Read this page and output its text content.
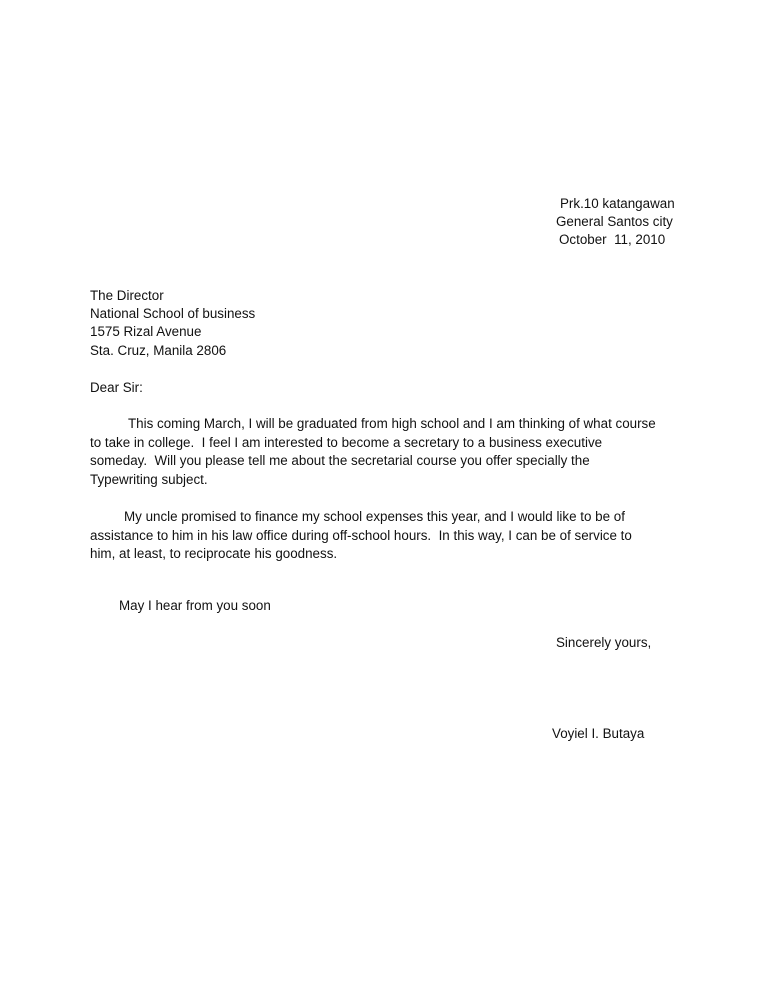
Prk.10 katangawan
General Santos city
October  11, 2010
The Director
National School of business
1575 Rizal Avenue
Sta. Cruz, Manila 2806
Dear Sir:
This coming March, I will be graduated from high school and I am thinking of what course
to take in college.  I feel I am interested to become a secretary to a business executive
someday.  Will you please tell me about the secretarial course you offer specially the
Typewriting subject.
My uncle promised to finance my school expenses this year, and I would like to be of
assistance to him in his law office during off-school hours.  In this way, I can be of service to
him, at least, to reciprocate his goodness.
May I hear from you soon
Sincerely yours,
Voyiel I. Butaya
